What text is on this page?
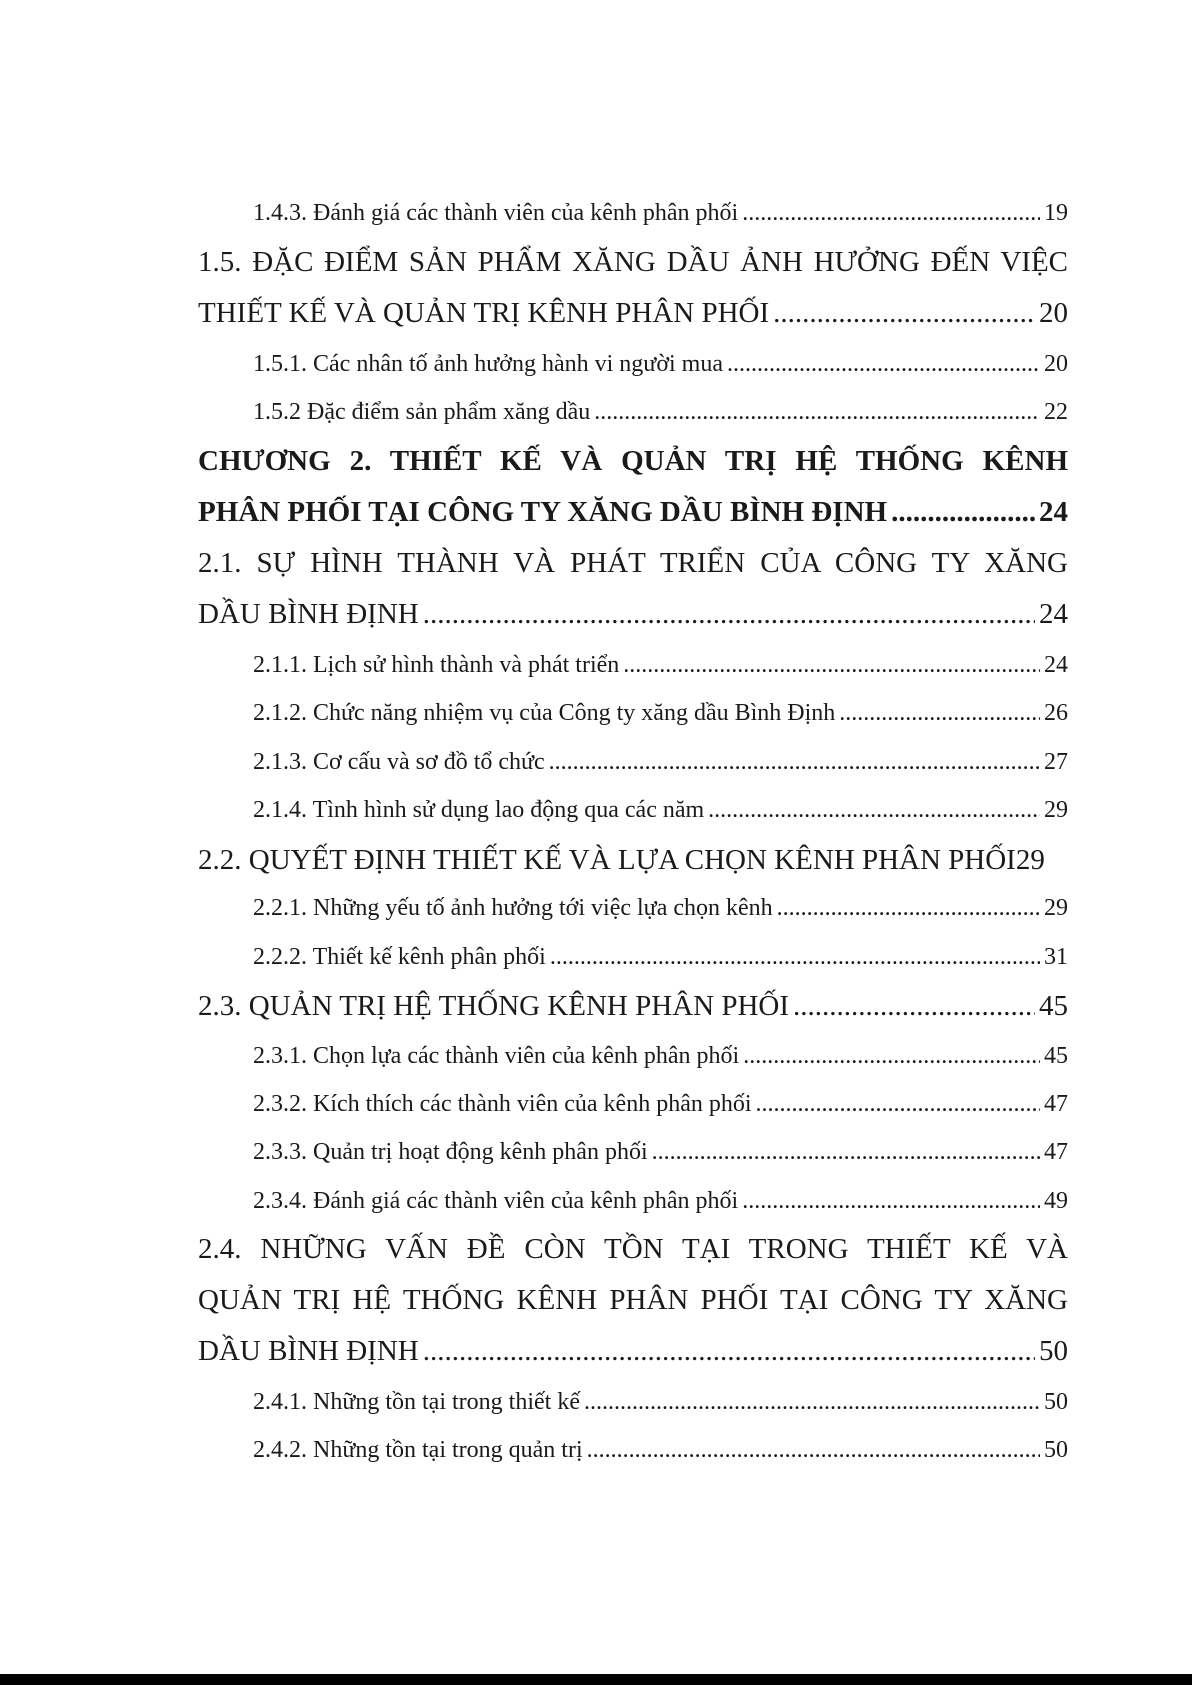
1.4.3. Đánh giá các thành viên của kênh phân phối .....	19
1.5. ĐẶC ĐIỂM SẢN PHẨM XĂNG DẦU ẢNH HƯỞNG ĐẾN VIỆC
THIẾT KẾ VÀ QUẢN TRỊ KÊNH PHÂN PHỐI .....	20
1.5.1. Các nhân tố ảnh hưởng hành vi người mua .....	20
1.5.2 Đặc điểm sản phẩm xăng dầu .....	22
CHƯƠNG 2. THIẾT KẾ VÀ QUẢN TRỊ HỆ THỐNG KÊNH
PHÂN PHỐI TẠI CÔNG TY XĂNG DẦU BÌNH ĐỊNH .....	24
2.1. SỰ HÌNH THÀNH VÀ PHÁT TRIỂN CỦA CÔNG TY XĂNG
DẦU BÌNH ĐỊNH .....	24
2.1.1. Lịch sử hình thành và phát triển .....	24
2.1.2. Chức năng nhiệm vụ của Công ty xăng dầu Bình Định .....	26
2.1.3. Cơ cấu và sơ đồ tổ chức .....	27
2.1.4. Tình hình sử dụng lao động qua các năm .....	29
2.2. QUYẾT ĐỊNH THIẾT KẾ VÀ LỰA CHỌN KÊNH PHÂN PHỐI 29
2.2.1. Những yếu tố ảnh hưởng tới việc lựa chọn kênh .....	29
2.2.2. Thiết kế kênh phân phối .....	31
2.3. QUẢN TRỊ HỆ THỐNG KÊNH PHÂN PHỐI .....	45
2.3.1. Chọn lựa các thành viên của kênh phân phối .....	45
2.3.2. Kích thích các thành viên của kênh phân phối .....	47
2.3.3. Quản trị hoạt động kênh phân phối .....	47
2.3.4. Đánh giá các thành viên của kênh phân phối .....	49
2.4. NHỮNG VẤN ĐỀ CÒN TỒN TẠI TRONG THIẾT KẾ VÀ
QUẢN TRỊ HỆ THỐNG KÊNH PHÂN PHỐI TẠI CÔNG TY XĂNG
DẦU BÌNH ĐỊNH .....	50
2.4.1. Những tồn tại trong thiết kế .....	50
2.4.2. Những tồn tại trong quản trị .....	50
